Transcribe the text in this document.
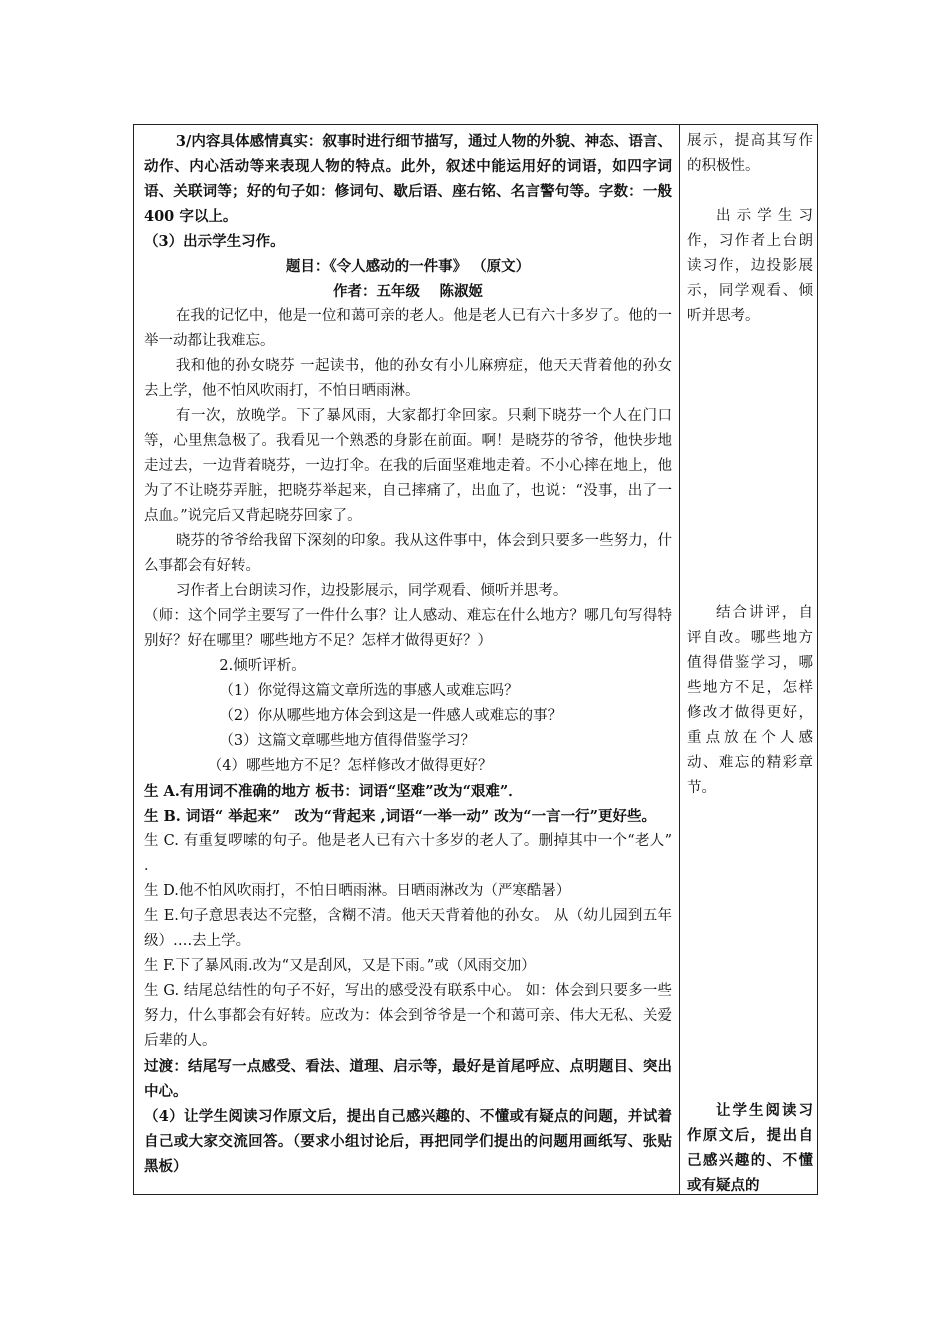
3/内容具体感情真实：叙事时进行细节描写，通过人物的外貌、神态、语言、动作、内心活动等来表现人物的特点。此外，叙述中能运用好的词语，如四字词语、关联词等；好的句子如：修词句、歇后语、座右铭、名言警句等。字数：一般 400 字以上。

（3）出示学生习作。

题目：《令人感动的一件事》 （原文）

作者：五年级　 陈淑姬

在我的记忆中，他是一位和蔼可亲的老人。他是老人已有六十多岁了。他的一举一动都让我难忘。

我和他的孙女晓芬 一起读书，他的孙女有小儿麻痹症，他天天背着他的孙女去上学，他不怕风吹雨打，不怕日晒雨淋。

有一次，放晚学。下了暴风雨，大家都打伞回家。只剩下晓芬一个人在门口等，心里焦急极了。我看见一个熟悉的身影在前面。啊！是晓芬的爷爷，他快步地走过去，一边背着晓芬，一边打伞。在我的后面坚难地走着。不小心摔在地上，他为了不让晓芬弄脏，把晓芬举起来，自己摔痛了，出血了，也说：“没事，出了一点血。”说完后又背起晓芬回家了。

晓芬的爷爷给我留下深刻的印象。我从这件事中，体会到只要多一些努力，什么事都会有好转。

习作者上台朗读习作，边投影展示，同学观看、倾听并思考。

（师：这个同学主要写了一件什么事？让人感动、难忘在什么地方？哪几句写得特别好？好在哪里？哪些地方不足？怎样才做得更好？）

2.倾听评析。

（1）你觉得这篇文章所选的事感人或难忘吗？

（2）你从哪些地方体会到这是一件感人或难忘的事？

（3）这篇文章哪些地方值得借鉴学习？

（4）哪些地方不足？怎样修改才做得更好？

生 A.有用词不准确的地方 板书：词语“坚难”改为“艰难”．

生 B. 词语“ 举起来”　改为“背起来 ,词语“一举一动” 改为“一言一行”更好些。

生 C. 有重复啰嗦的句子。他是老人已有六十多岁的老人了。删掉其中一个“老人” ．

生 D.他不怕风吹雨打，不怕日晒雨淋。日晒雨淋改为（严寒酷暑）

生 E.句子意思表达不完整，含糊不清。他天天背着他的孙女。 从（幼儿园到五年级）….去上学。

生 F.下了暴风雨.改为“又是刮风，又是下雨。”或（风雨交加）

生 G. 结尾总结性的句子不好，写出的感受没有联系中心。 如：体会到只要多一些努力，什么事都会有好转。应改为：体会到爷爷是一个和蔼可亲、伟大无私、关爱后辈的人。

过渡：结尾写一点感受、看法、道理、启示等，最好是首尾呼应、点明题目、突出中心。

（4）让学生阅读习作原文后，提出自己感兴趣的、不懂或有疑点的问题，并试着自己或大家交流回答。（要求小组讨论后，再把同学们提出的问题用画纸写、张贴黑板）

展示，提高其写作的积极性。

出示学生习作，习作者上台朗读习作，边投影展示，同学观看、倾听并思考。

结合讲评，自评自改。哪些地方值得借鉴学习，哪些地方不足，怎样修改才做得更好，重点放在个人感动、难忘的精彩章节。

让学生阅读习作原文后，提出自己感兴趣的、不懂或有疑点的
